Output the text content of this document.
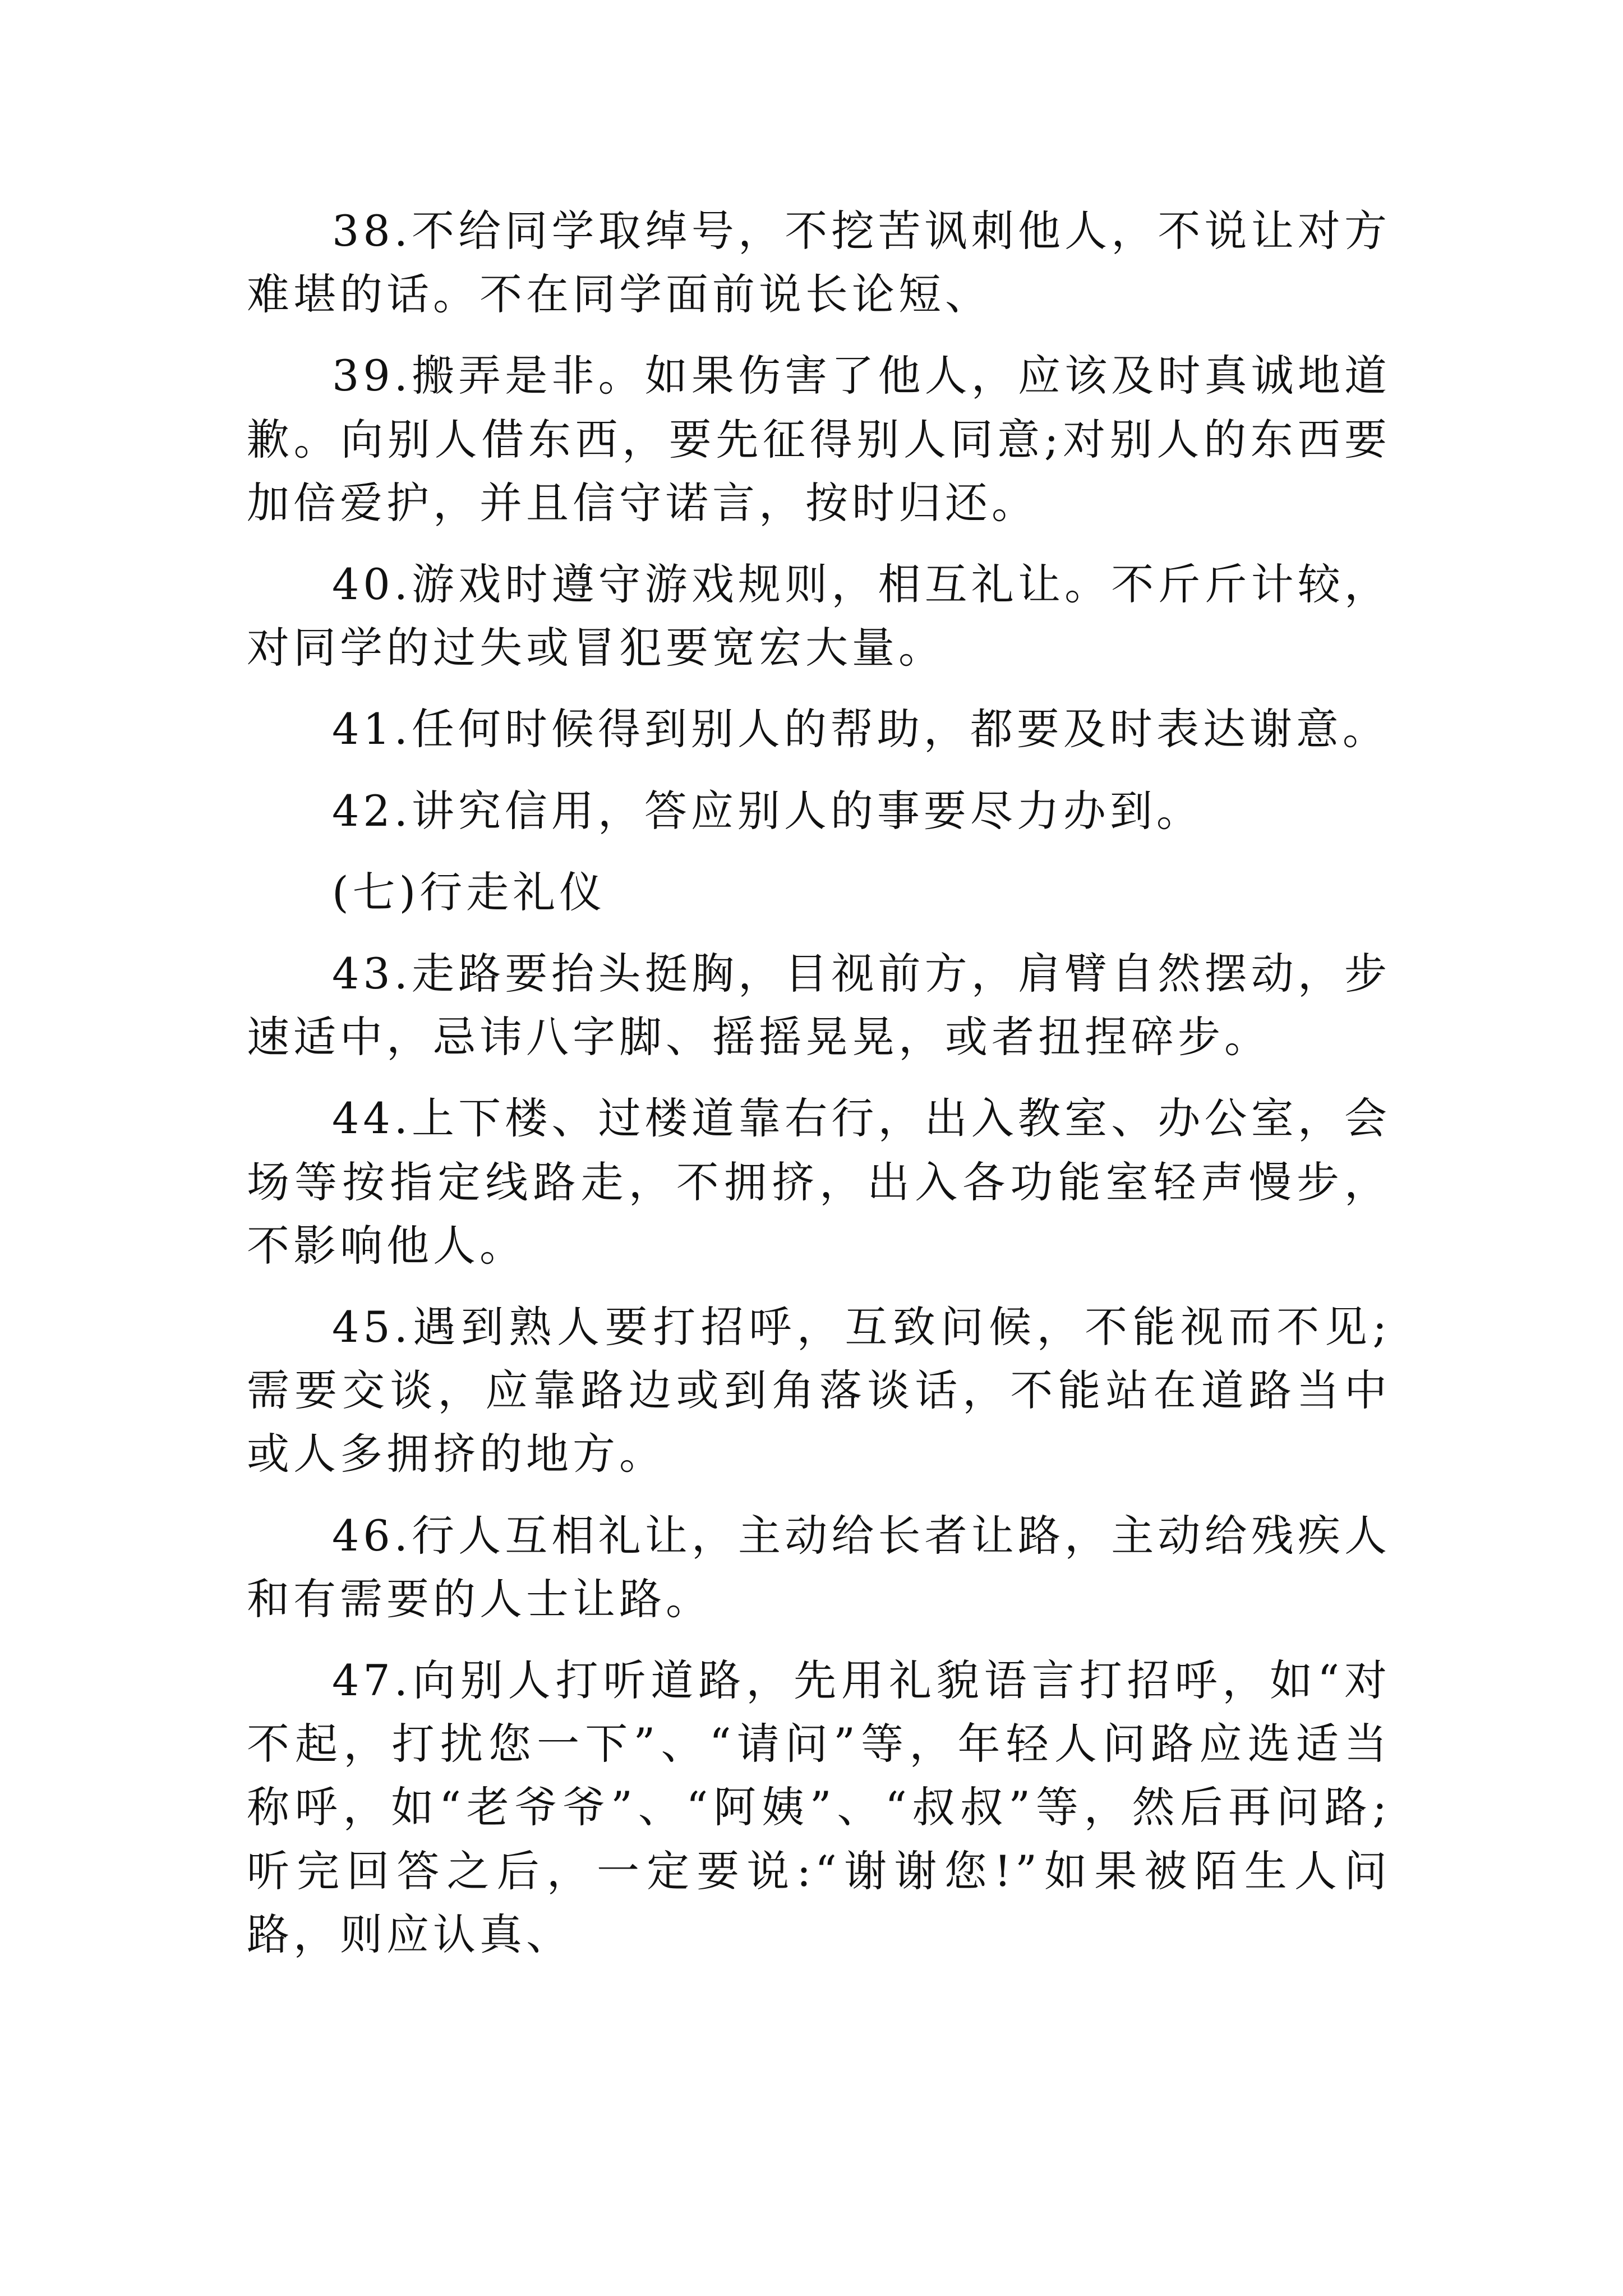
38.不给同学取绰号，不挖苦讽刺他人，不说让对方难堪的话。不在同学面前说长论短、

39.搬弄是非。如果伤害了他人，应该及时真诚地道歉。向别人借东西，要先征得别人同意;对别人的东西要加倍爱护，并且信守诺言，按时归还。

40.游戏时遵守游戏规则，相互礼让。不斤斤计较，对同学的过失或冒犯要宽宏大量。

41.任何时候得到别人的帮助，都要及时表达谢意。

42.讲究信用，答应别人的事要尽力办到。

(七)行走礼仪

43.走路要抬头挺胸，目视前方，肩臂自然摆动，步速适中，忌讳八字脚、摇摇晃晃，或者扭捏碎步。

44.上下楼、过楼道靠右行，出入教室、办公室，会场等按指定线路走，不拥挤，出入各功能室轻声慢步，不影响他人。

45.遇到熟人要打招呼，互致问候，不能视而不见;需要交谈，应靠路边或到角落谈话，不能站在道路当中或人多拥挤的地方。

46.行人互相礼让，主动给长者让路，主动给残疾人和有需要的人士让路。

47.向别人打听道路，先用礼貌语言打招呼，如“对不起，打扰您一下”、“请问”等，年轻人问路应选适当称呼，如“老爷爷”、“阿姨”、“叔叔”等，然后再问路;听完回答之后，一定要说:“谢谢您!”如果被陌生人问路，则应认真、
